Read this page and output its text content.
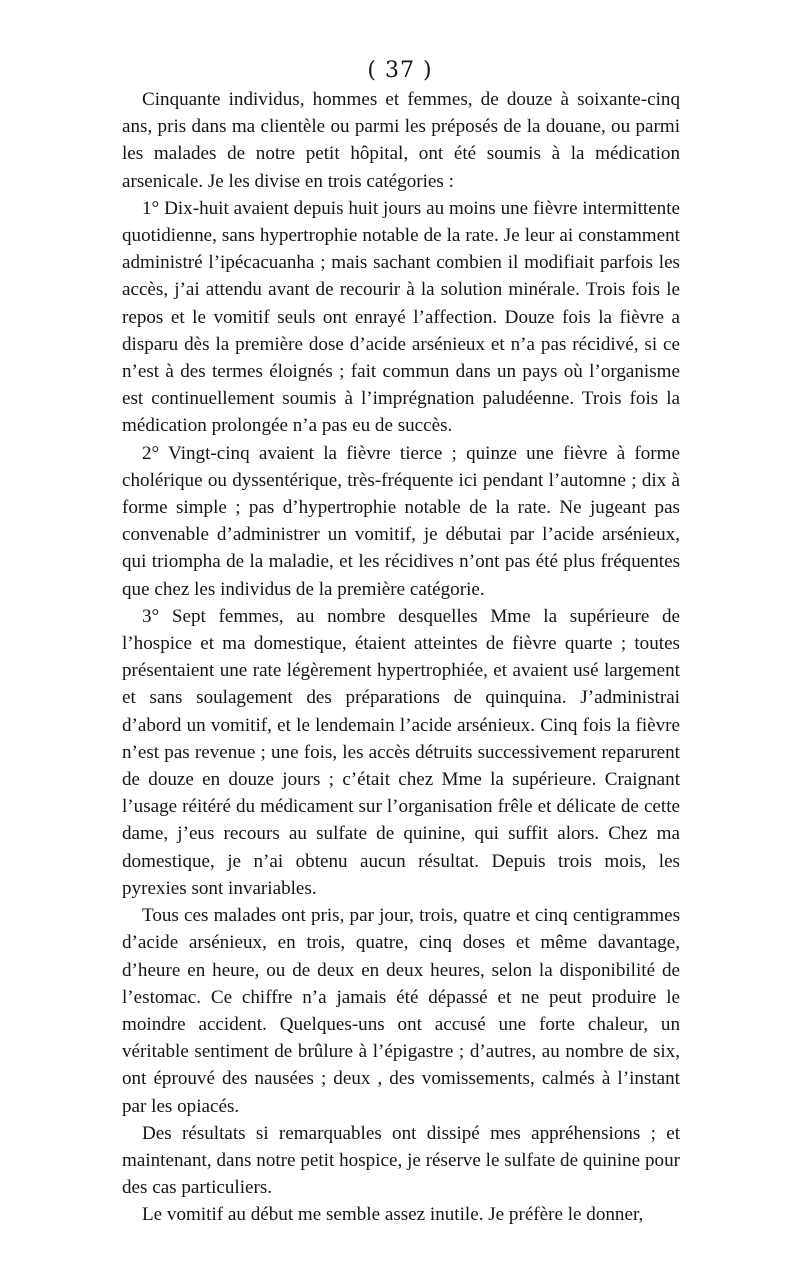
( 37 )

Cinquante individus, hommes et femmes, de douze à soixante-cinq ans, pris dans ma clientèle ou parmi les préposés de la douane, ou parmi les malades de notre petit hôpital, ont été soumis à la médication arsenicale. Je les divise en trois catégories :

1° Dix-huit avaient depuis huit jours au moins une fièvre intermittente quotidienne, sans hypertrophie notable de la rate. Je leur ai constamment administré l’ipécacuanha ; mais sachant combien il modifiait parfois les accès, j’ai attendu avant de recourir à la solution minérale. Trois fois le repos et le vomitif seuls ont enrayé l’affection. Douze fois la fièvre a disparu dès la première dose d’acide arsénieux et n’a pas récidivé, si ce n’est à des termes éloignés ; fait commun dans un pays où l’organisme est continuellement soumis à l’imprégnation paludéenne. Trois fois la médication prolongée n’a pas eu de succès.

2° Vingt-cinq avaient la fièvre tierce ; quinze une fièvre à forme cholérique ou dyssentérique, très-fréquente ici pendant l’automne ; dix à forme simple ; pas d’hypertrophie notable de la rate. Ne jugeant pas convenable d’administrer un vomitif, je débutai par l’acide arsénieux, qui triompha de la maladie, et les récidives n’ont pas été plus fréquentes que chez les individus de la première catégorie.

3° Sept femmes, au nombre desquelles Mme la supérieure de l’hospice et ma domestique, étaient atteintes de fièvre quarte ; toutes présentaient une rate légèrement hypertrophiée, et avaient usé largement et sans soulagement des préparations de quinquina. J’administrai d’abord un vomitif, et le lendemain l’acide arsénieux. Cinq fois la fièvre n’est pas revenue ; une fois, les accès détruits successivement reparurent de douze en douze jours ; c’était chez Mme la supérieure. Craignant l’usage réitéré du médicament sur l’organisation frêle et délicate de cette dame, j’eus recours au sulfate de quinine, qui suffit alors. Chez ma domestique, je n’ai obtenu aucun résultat. Depuis trois mois, les pyrexies sont invariables.

Tous ces malades ont pris, par jour, trois, quatre et cinq centigrammes d’acide arsénieux, en trois, quatre, cinq doses et même davantage, d’heure en heure, ou de deux en deux heures, selon la disponibilité de l’estomac. Ce chiffre n’a jamais été dépassé et ne peut produire le moindre accident. Quelques-uns ont accusé une forte chaleur, un véritable sentiment de brûlure à l’épigastre ; d’autres, au nombre de six, ont éprouvé des nausées ; deux , des vomissements, calmés à l’instant par les opiacés.

Des résultats si remarquables ont dissipé mes appréhensions ; et maintenant, dans notre petit hospice, je réserve le sulfate de quinine pour des cas particuliers.

Le vomitif au début me semble assez inutile. Je préfère le donner,
